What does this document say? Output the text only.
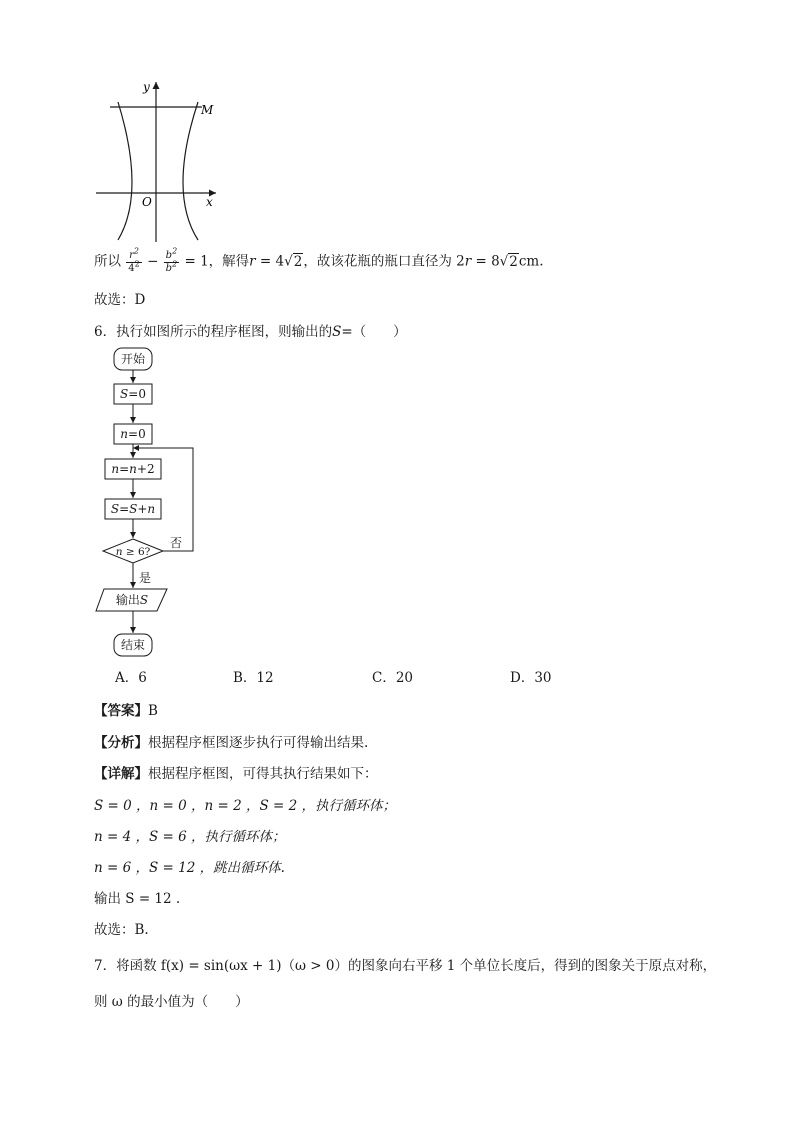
y
x
O
M
所以 $\frac{r^2}{4^2} - \frac{b^2}{b^2} = 1$，解得r = 4√2，故该花瓶的瓶口直径为 2r = 8√2cm.
故选：D
6．执行如图所示的程序框图，则输出的S=（　　）
开始
S=0
n=0
n=n+2
S=S+n
n ≥ 6?
否
是
输出S
结束
A．6	B．12	C．20	D．30
【答案】B
【分析】根据程序框图逐步执行可得输出结果.
【详解】根据程序框图，可得其执行结果如下：
S = 0 ，n = 0 ，n = 2 ，S = 2 ，执行循环体；
n = 4 ，S = 6 ，执行循环体；
n = 6 ，S = 12 ，跳出循环体.
输出 S = 12 .
故选：B.
7．将函数 f(x) = sin(ωx + 1)（ω > 0）的图象向右平移 1 个单位长度后，得到的图象关于原点对称，
则 ω 的最小值为（　　）
